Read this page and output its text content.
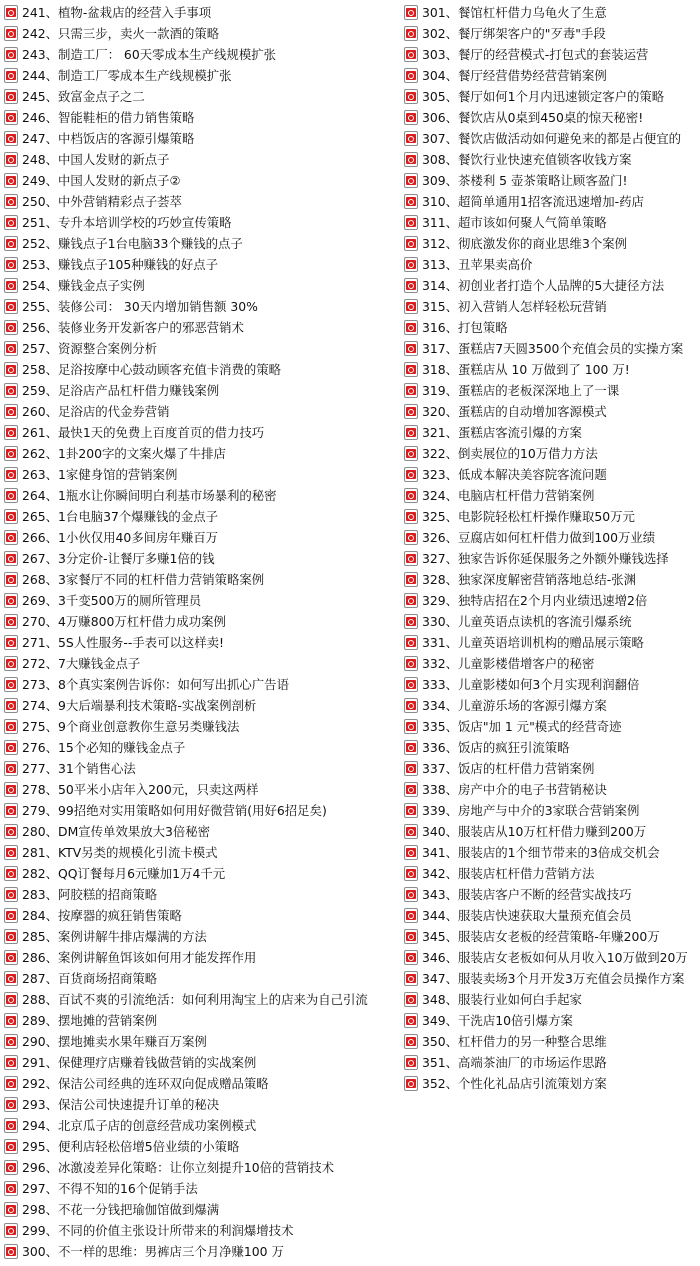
241、植物-盆栽店的经营入手事项
242、只需三步，卖火一款酒的策略
243、制造工厂： 60天零成本生产线规模扩张
244、制造工厂零成本生产线规模扩张
245、致富金点子之二
246、智能鞋柜的借力销售策略
247、中档饭店的客源引爆策略
248、中国人发财的新点子
249、中国人发财的新点子②
250、中外营销精彩点子荟萃
251、专升本培训学校的巧妙宣传策略
252、赚钱点子1台电脑33个赚钱的点子
253、赚钱点子105种赚钱的好点子
254、赚钱金点子实例
255、装修公司： 30天内增加销售额 30%
256、装修业务开发新客户的邪恶营销术
257、资源整合案例分析
258、足浴按摩中心鼓动顾客充值卡消费的策略
259、足浴店产品杠杆借力赚钱案例
260、足浴店的代金券营销
261、最快1天的免费上百度首页的借力技巧
262、1卦200字的文案火爆了牛排店
263、1家健身馆的营销案例
264、1瓶水让你瞬间明白利基市场暴利的秘密
265、1台电脑37个爆赚钱的金点子
266、1小伙仅用40多间房年赚百万
267、3分定价-让餐厅多赚1倍的钱
268、3家餐厅不同的杠杆借力营销策略案例
269、3千变500万的厕所管理员
270、4万赚800万杠杆借力成功案例
271、5S人性服务--手表可以这样卖!
272、7大赚钱金点子
273、8个真实案例告诉你：如何写出抓心广告语
274、9大后端暴利技术策略-实战案例剖析
275、9个商业创意教你生意另类赚钱法
276、15个必知的赚钱金点子
277、31个销售心法
278、50平米小店年入200元，只卖这两样
279、99招绝对实用策略如何用好微营销(用好6招足矣)
280、DM宣传单效果放大3倍秘密
281、KTV另类的规模化引流卡模式
282、QQ订餐每月6元赚加1万4千元
283、阿胶糕的招商策略
284、按摩器的疯狂销售策略
285、案例讲解牛排店爆满的方法
286、案例讲解鱼饵该如何用才能发挥作用
287、百货商场招商策略
288、百试不爽的引流绝活：如何利用淘宝上的店来为自己引流
289、摆地摊的营销案例
290、摆地摊卖水果年赚百万案例
291、保健理疗店赚着钱做营销的实战案例
292、保洁公司经典的连环双向促成赠品策略
293、保洁公司快速提升订单的秘决
294、北京瓜子店的创意经营成功案例模式
295、便利店轻松倍增5倍业绩的小策略
296、冰激凌差异化策略：让你立刻提升10倍的营销技术
297、不得不知的16个促销手法
298、不花一分钱把瑜伽馆做到爆满
299、不同的价值主张设计所带来的利润爆增技术
300、不一样的思维：男裤店三个月净赚100 万
301、餐馆杠杆借力乌龟火了生意
302、餐厅绑架客户的"歹毒"手段
303、餐厅的经营模式-打包式的套装运营
304、餐厅经营借势经营营销案例
305、餐厅如何1个月内迅速锁定客户的策略
306、餐饮店从0桌到450桌的惊天秘密!
307、餐饮店做活动如何避免来的都是占便宜的
308、餐饮行业快速充值锁客收钱方案
309、茶楼利 5 壶茶策略让顾客盈门!
310、超简单通用1招客流迅速增加-药店
311、超市该如何聚人气简单策略
312、彻底激发你的商业思维3个案例
313、丑苹果卖高价
314、初创业者打造个人品牌的5大捷径方法
315、初入营销人怎样轻松玩营销
316、打包策略
317、蛋糕店7天圆3500个充值会员的实操方案
318、蛋糕店从 10 万做到了 100 万!
319、蛋糕店的老板深深地上了一课
320、蛋糕店的自动增加客源模式
321、蛋糕店客流引爆的方案
322、倒卖展位的10万借力方法
323、低成本解决美容院客流问题
324、电脑店杠杆借力营销案例
325、电影院轻松杠杆操作赚取50万元
326、豆腐店如何杠杆借力做到100万业绩
327、独家告诉你延保服务之外额外赚钱选择
328、独家深度解密营销落地总结-张渊
329、独特店招在2个月内业绩迅速增2倍
330、儿童英语点读机的客流引爆系统
331、儿童英语培训机构的赠品展示策略
332、儿童影楼借增客户的秘密
333、儿童影楼如何3个月实现利润翻倍
334、儿童游乐场的客源引爆方案
335、饭店"加 1 元"模式的经营奇迹
336、饭店的疯狂引流策略
337、饭店的杠杆借力营销案例
338、房产中介的电子书营销秘诀
339、房地产与中介的3家联合营销案例
340、服装店从10万杠杆借力赚到200万
341、服装店的1个细节带来的3倍成交机会
342、服装店杠杆借力营销方法
343、服装店客户不断的经营实战技巧
344、服装店快速获取大量预充值会员
345、服装店女老板的经营策略-年赚200万
346、服装店女老板如何从月收入10万做到20万
347、服装卖场3个月开发3万充值会员操作方案
348、服装行业如何白手起家
349、干洗店10倍引爆方案
350、杠杆借力的另一种整合思维
351、高端茶油厂的市场运作思路
352、个性化礼品店引流策划方案
